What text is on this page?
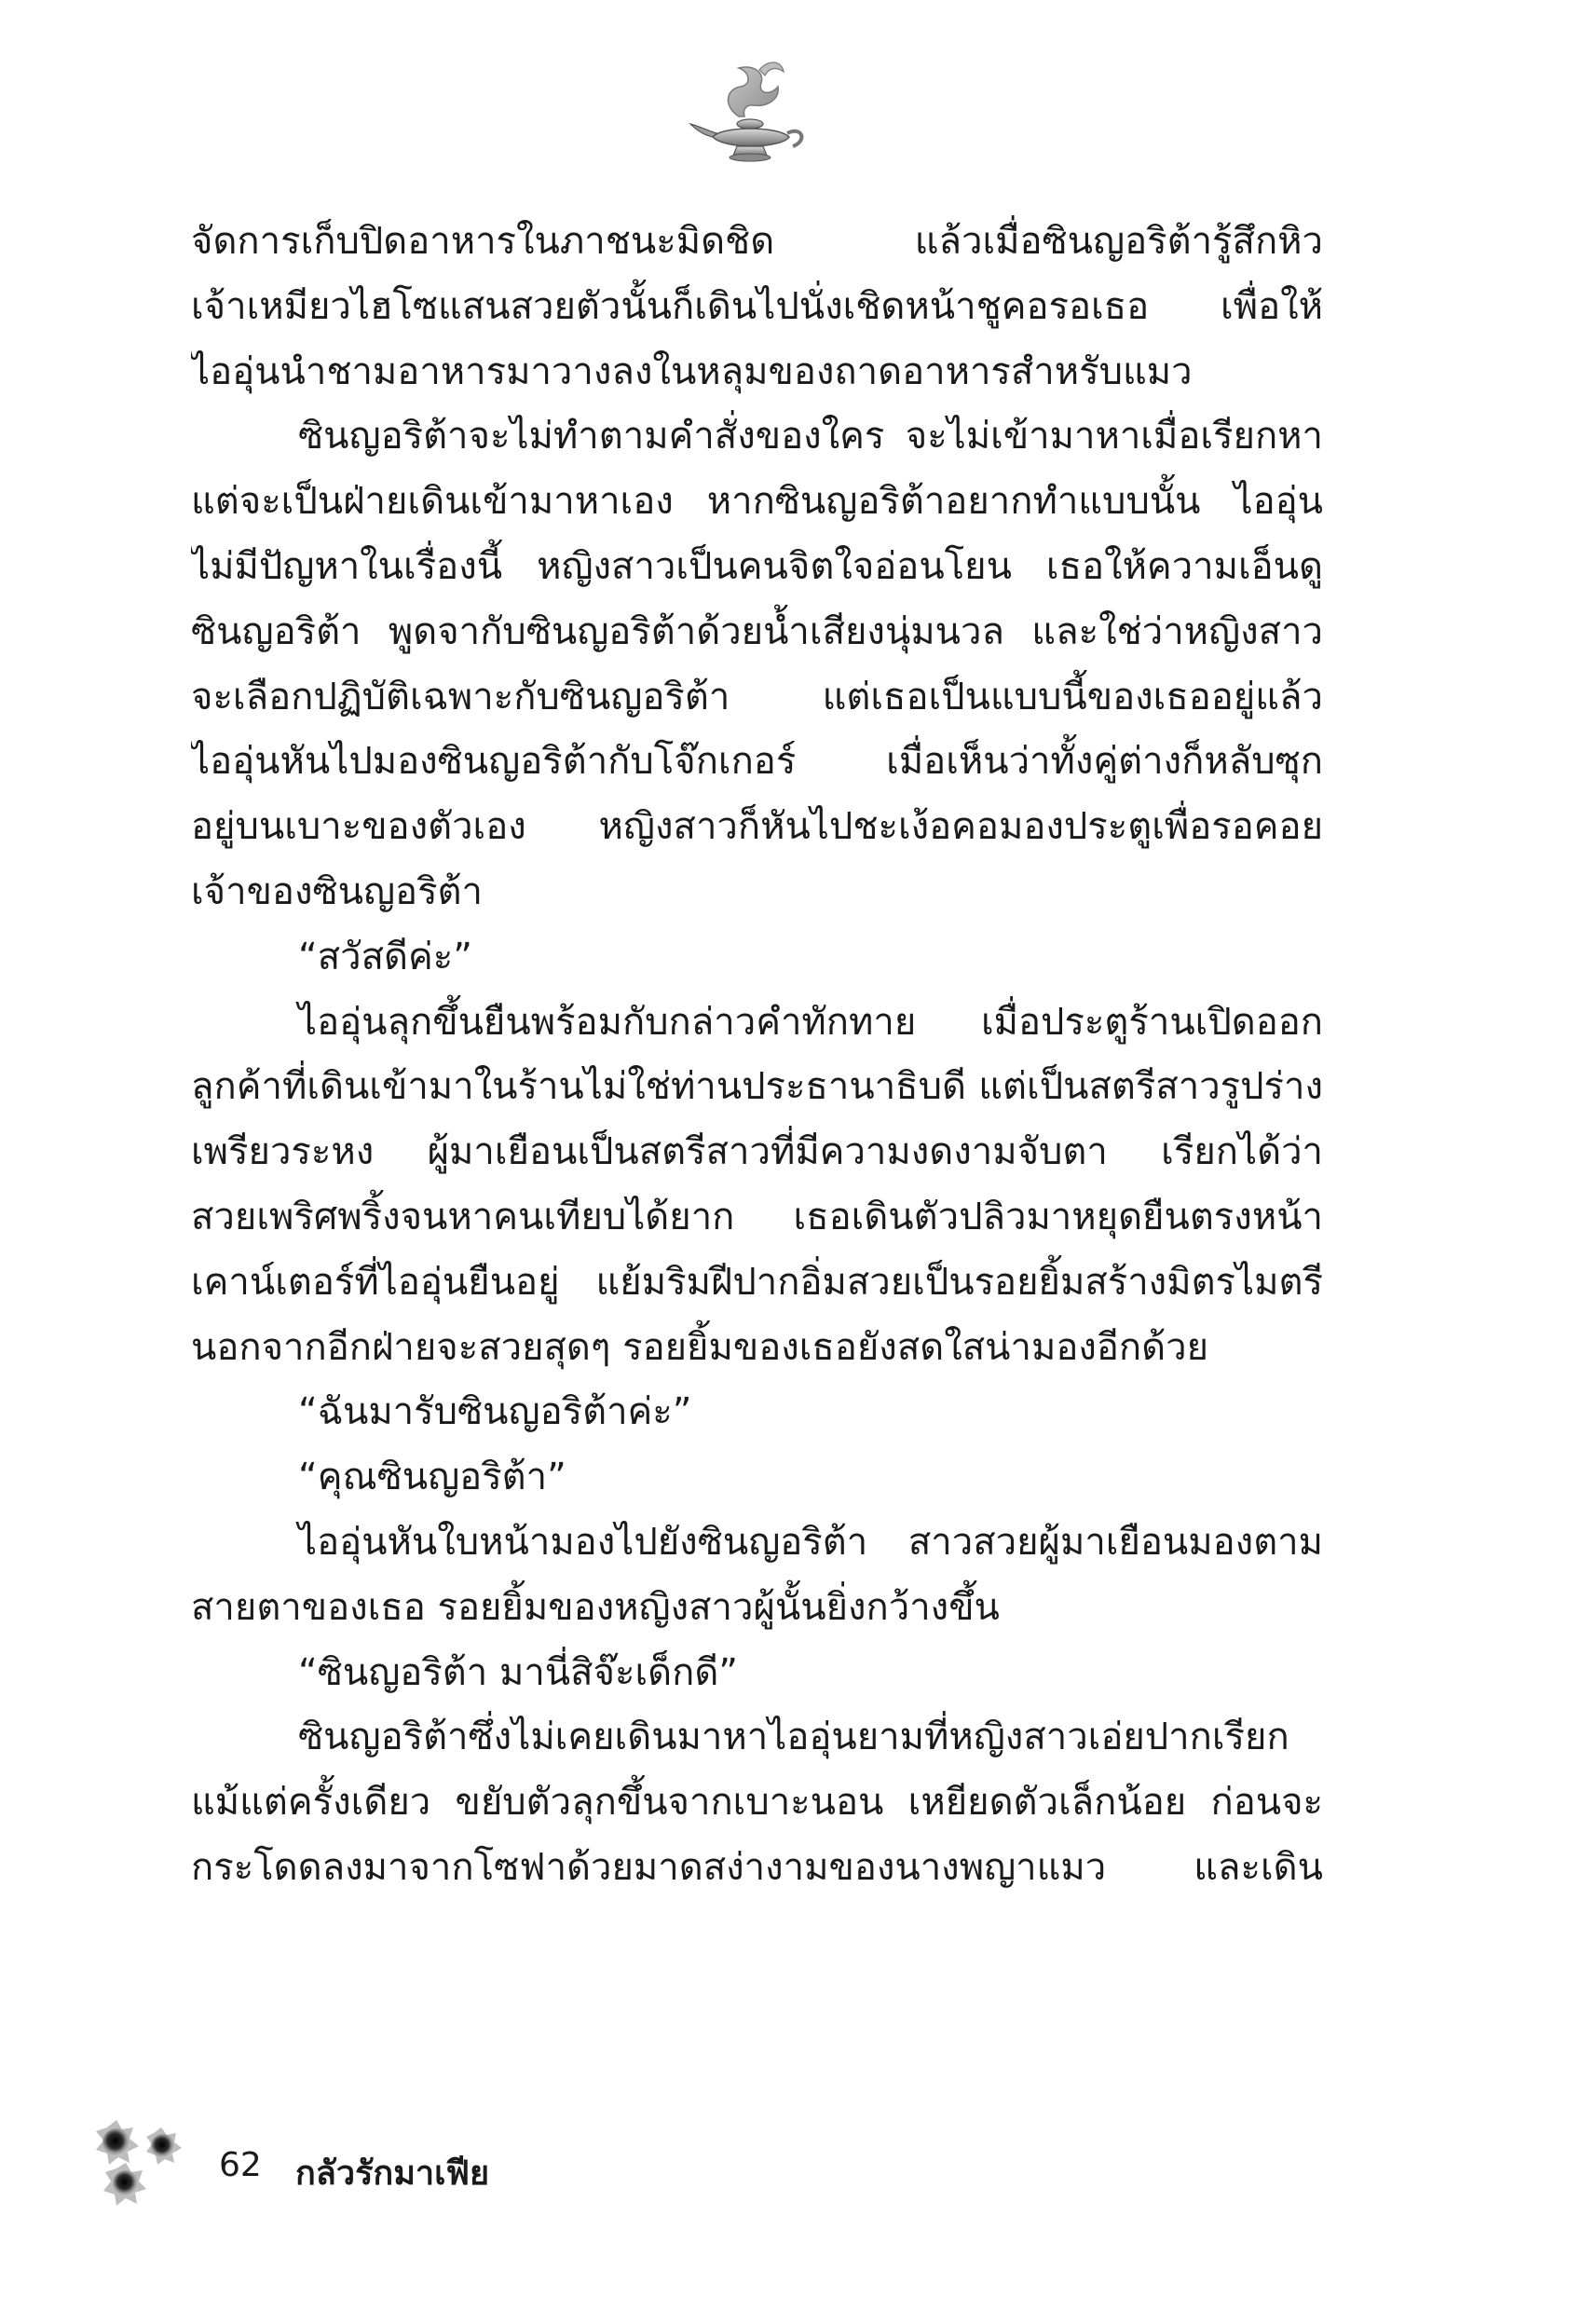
จัดการเก็บปิดอาหารในภาชนะมิดชิด แล้วเมื่อซินญอริต้ารู้สึกหิว
เจ้าเหมียวไฮโซแสนสวยตัวนั้นก็เดินไปนั่งเชิดหน้าชูคอรอเธอ เพื่อให้
ไออุ่นนำชามอาหารมาวางลงในหลุมของถาดอาหารสำหรับแมว
ซินญอริต้าจะไม่ทำตามคำสั่งของใคร จะไม่เข้ามาหาเมื่อเรียกหา
แต่จะเป็นฝ่ายเดินเข้ามาหาเอง หากซินญอริต้าอยากทำแบบนั้น ไออุ่น
ไม่มีปัญหาในเรื่องนี้ หญิงสาวเป็นคนจิตใจอ่อนโยน เธอให้ความเอ็นดู
ซินญอริต้า พูดจากับซินญอริต้าด้วยน้ำเสียงนุ่มนวล และใช่ว่าหญิงสาว
จะเลือกปฏิบัติเฉพาะกับซินญอริต้า แต่เธอเป็นแบบนี้ของเธออยู่แล้ว
ไออุ่นหันไปมองซินญอริต้ากับโจ๊กเกอร์ เมื่อเห็นว่าทั้งคู่ต่างก็หลับซุก
อยู่บนเบาะของตัวเอง หญิงสาวก็หันไปชะเง้อคอมองประตูเพื่อรอคอย
เจ้าของซินญอริต้า
“สวัสดีค่ะ”
ไออุ่นลุกขึ้นยืนพร้อมกับกล่าวคำทักทาย เมื่อประตูร้านเปิดออก
ลูกค้าที่เดินเข้ามาในร้านไม่ใช่ท่านประธานาธิบดี แต่เป็นสตรีสาวรูปร่าง
เพรียวระหง ผู้มาเยือนเป็นสตรีสาวที่มีความงดงามจับตา เรียกได้ว่า
สวยเพริศพริ้งจนหาคนเทียบได้ยาก เธอเดินตัวปลิวมาหยุดยืนตรงหน้า
เคาน์เตอร์ที่ไออุ่นยืนอยู่ แย้มริมฝีปากอิ่มสวยเป็นรอยยิ้มสร้างมิตรไมตรี
นอกจากอีกฝ่ายจะสวยสุดๆ รอยยิ้มของเธอยังสดใสน่ามองอีกด้วย
“ฉันมารับซินญอริต้าค่ะ”
“คุณซินญอริต้า”
ไออุ่นหันใบหน้ามองไปยังซินญอริต้า สาวสวยผู้มาเยือนมองตาม
สายตาของเธอ รอยยิ้มของหญิงสาวผู้นั้นยิ่งกว้างขึ้น
“ซินญอริต้า มานี่สิจ๊ะเด็กดี”
ซินญอริต้าซึ่งไม่เคยเดินมาหาไออุ่นยามที่หญิงสาวเอ่ยปากเรียก
แม้แต่ครั้งเดียว ขยับตัวลุกขึ้นจากเบาะนอน เหยียดตัวเล็กน้อย ก่อนจะ
กระโดดลงมาจากโซฟาด้วยมาดสง่างามของนางพญาแมว และเดิน
62 กลัวรักมาเฟีย
